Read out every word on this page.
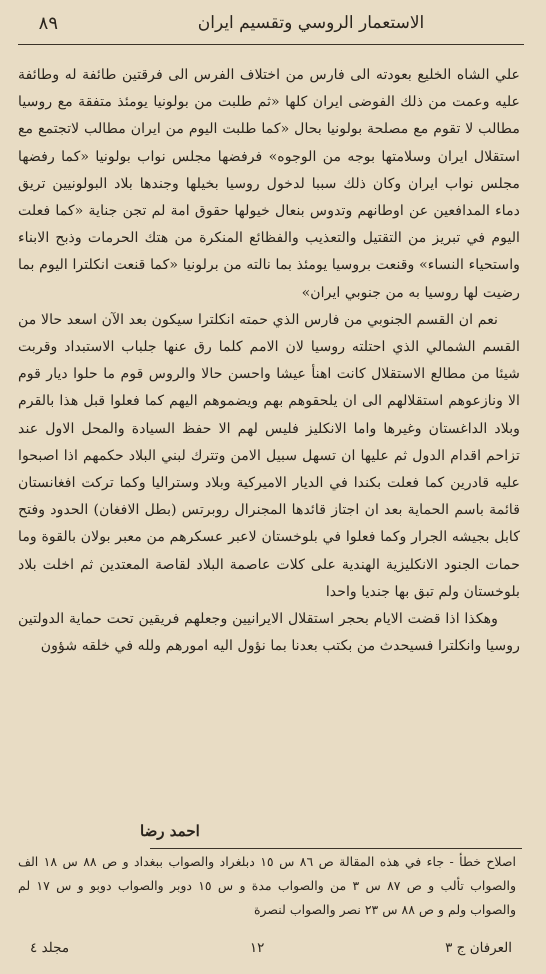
الاستعمار الروسي وتقسيم ايران
٨٩

علي الشاه الخليع بعودته الى فارس من اختلاف الفرس الى فرقتين طائفة له وطائفة عليه وعمت من ذلك الفوضى ايران كلها «ثم طلبت من بولونيا يومئذ متفقة مع روسيا مطالب لا تقوم مع مصلحة بولونيا بحال «كما طلبت اليوم من ايران مطالب لاتجتمع مع استقلال ايران وسلامتها بوجه من الوجوه» فرفضها مجلس نواب بولونيا «كما رفضها مجلس نواب ايران وكان ذلك سببا لدخول روسيا بخيلها وجندها بلاد البولونيين تريق دماء المدافعين عن اوطانهم وتدوس بنعال خيولها حقوق امة لم تجن جناية «كما فعلت اليوم في تبريز من التقتيل والتعذيب والفظائع المنكرة من هتك الحرمات وذبح الابناء واستحياء النساء» وقنعت بروسيا يومئذ بما نالته من برلونيا «كما قنعت انكلترا اليوم بما رضيت لها روسيا به من جنوبي ايران»

نعم ان القسم الجنوبي من فارس الذي حمته انكلترا سيكون بعد الآن اسعد حالا من القسم الشمالي الذي احتلته روسيا لان الامم كلما رق عنها جلباب الاستبداد وقربت شيئا من مطالع الاستقلال كانت اهنأ عيشا واحسن حالا والروس قوم ما حلوا ديار قوم الا ونازعوهم استقلالهم الى ان يلحقوهم بهم ويضموهم اليهم كما فعلوا قبل هذا بالقرم وبلاد الداغستان وغيرها واما الانكليز فليس لهم الا حفظ السيادة والمحل الاول عند تزاحم اقدام الدول ثم عليها ان تسهل سبيل الامن وتترك لبني البلاد حكمهم اذا اصبحوا عليه قادرين كما فعلت بكندا في الديار الاميركية وبلاد وستراليا وكما تركت افغانستان قائمة باسم الحماية بعد ان اجتاز قائدها المجنرال روبرتس (بطل الافغان) الحدود وفتح كابل بجيشه الجرار وكما فعلوا في بلوخستان لاعبر عسكرهم من معبر بولان بالقوة وما حمات الجنود الانكليزية الهندية على كلات عاصمة البلاد لقاصة المعتدين ثم اخلت بلاد بلوخستان ولم تبق بها جنديا واحدا

وهكذا اذا قضت الايام بحجر استقلال الايرانيين وجعلهم فريقين تحت حماية الدولتين روسيا وانكلترا فسيحدث من بكتب بعدنا بما نؤول اليه امورهم ولله في خلقه شؤون

احمد رضا
اصلاح خطأ - جاء في هذه المقالة ص ٨٦ س ١٥ دبلغراد والصواب ببغداد و ص ٨٨ س ١٨ الف والصواب تألب و ص ٨٧ س ٣ من والصواب مدة و س ١٥ دوبر والصواب دوبو و س ١٧ لم والصواب ولم و ص ٨٨ س ٢٣ نصر والصواب لنصرة
العرفان ج ٣
١٢
مجلد ٤
